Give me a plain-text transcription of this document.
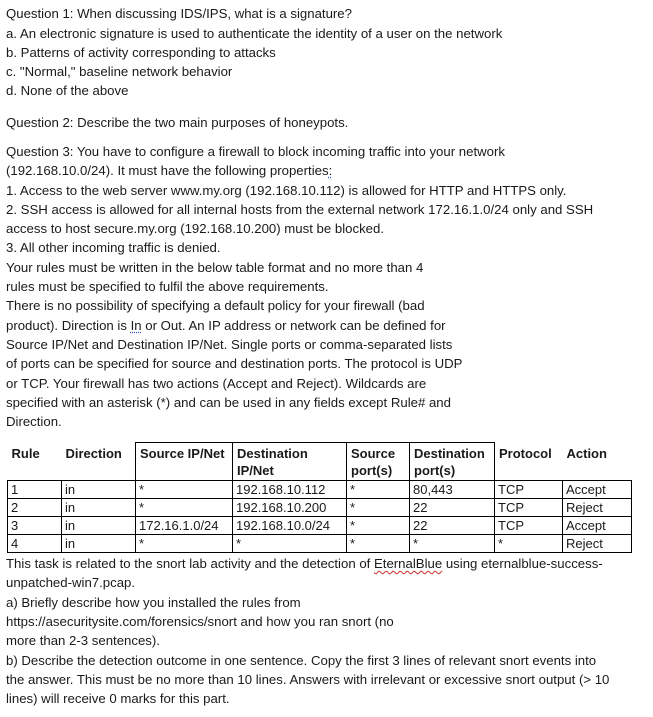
Question 1: When discussing IDS/IPS, what is a signature?
a. An electronic signature is used to authenticate the identity of a user on the network
b. Patterns of activity corresponding to attacks
c. "Normal," baseline network behavior
d. None of the above
Question 2: Describe the two main purposes of honeypots.
Question 3: You have to configure a firewall to block incoming traffic into your network
(192.168.10.0/24). It must have the following properties:
1. Access to the web server www.my.org (192.168.10.112) is allowed for HTTP and HTTPS only.
2. SSH access is allowed for all internal hosts from the external network 172.16.1.0/24 only and SSH
access to host secure.my.org (192.168.10.200) must be blocked.
3. All other incoming traffic is denied.
Your rules must be written in the below table format and no more than 4
rules must be specified to fulfil the above requirements.
There is no possibility of specifying a default policy for your firewall (bad
product). Direction is In or Out. An IP address or network can be defined for
Source IP/Net and Destination IP/Net. Single ports or comma-separated lists
of ports can be specified for source and destination ports. The protocol is UDP
or TCP. Your firewall has two actions (Accept and Reject). Wildcards are
specified with an asterisk (*) and can be used in any fields except Rule# and
Direction.
Rule	Direction	Source IP/Net	Destination IP/Net	Source port(s)	Destination port(s)	Protocol	Action
1	in	*	192.168.10.112	*	80,443	TCP	Accept
2	in	*	192.168.10.200	*	22	TCP	Reject
3	in	172.16.1.0/24	192.168.10.0/24	*	22	TCP	Accept
4	in	*	*	*	*	*	Reject
This task is related to the snort lab activity and the detection of EternalBlue using eternalblue-success-
unpatched-win7.pcap.
a) Briefly describe how you installed the rules from
https://asecuritysite.com/forensics/snort and how you ran snort (no
more than 2-3 sentences).
b) Describe the detection outcome in one sentence. Copy the first 3 lines of relevant snort events into
the answer. This must be no more than 10 lines. Answers with irrelevant or excessive snort output (> 10
lines) will receive 0 marks for this part.
